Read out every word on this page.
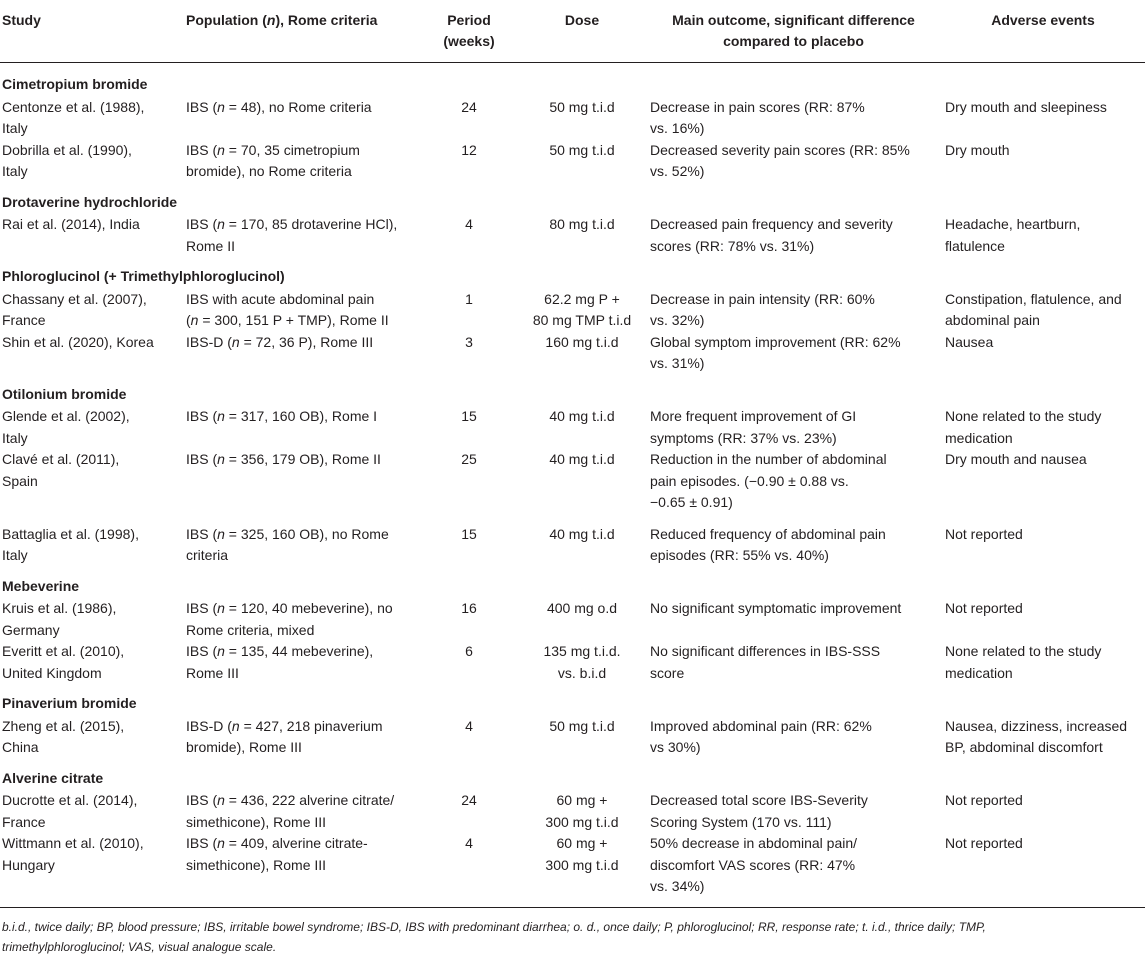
Study	Population (n), Rome criteria	Period
(weeks)	Dose	Main outcome, significant difference
compared to placebo	Adverse events

Cimetropium bromide					

Centonze et al. (1988),
Italy	IBS (n = 48), no Rome criteria	24	50 mg t.i.d	Decrease in pain scores (RR: 87%
vs. 16%)	Dry mouth and sleepiness

Dobrilla et al. (1990),
Italy	IBS (n = 70, 35 cimetropium
bromide), no Rome criteria	12	50 mg t.i.d	Decreased severity pain scores (RR: 85%
vs. 52%)	Dry mouth

Drotaverine hydrochloride					

Rai et al. (2014), India	IBS (n = 170, 85 drotaverine HCl),
Rome II	4	80 mg t.i.d	Decreased pain frequency and severity
scores (RR: 78% vs. 31%)	Headache, heartburn,
flatulence

Phloroglucinol (+ Trimethylphloroglucinol)					

Chassany et al. (2007),
France	IBS with acute abdominal pain
(n = 300, 151 P + TMP), Rome II	1	62.2 mg P +
80 mg TMP t.i.d	Decrease in pain intensity (RR: 60%
vs. 32%)	Constipation, flatulence, and
abdominal pain

Shin et al. (2020), Korea	IBS-D (n = 72, 36 P), Rome III	3	160 mg t.i.d	Global symptom improvement (RR: 62%
vs. 31%)	Nausea

Otilonium bromide					

Glende et al. (2002),
Italy	IBS (n = 317, 160 OB), Rome I	15	40 mg t.i.d	More frequent improvement of GI
symptoms (RR: 37% vs. 23%)	None related to the study
medication

Clavé et al. (2011),
Spain	IBS (n = 356, 179 OB), Rome II	25	40 mg t.i.d	Reduction in the number of abdominal
pain episodes. (−0.90 ± 0.88 vs.
−0.65 ± 0.91)	Dry mouth and nausea

Battaglia et al. (1998),
Italy	IBS (n = 325, 160 OB), no Rome
criteria	15	40 mg t.i.d	Reduced frequency of abdominal pain
episodes (RR: 55% vs. 40%)	Not reported

Mebeverine					

Kruis et al. (1986),
Germany	IBS (n = 120, 40 mebeverine), no
Rome criteria, mixed	16	400 mg o.d	No significant symptomatic improvement	Not reported

Everitt et al. (2010),
United Kingdom	IBS (n = 135, 44 mebeverine),
Rome III	6	135 mg t.i.d.
vs. b.i.d	No significant differences in IBS-SSS
score	None related to the study
medication

Pinaverium bromide					

Zheng et al. (2015),
China	IBS-D (n = 427, 218 pinaverium
bromide), Rome III	4	50 mg t.i.d	Improved abdominal pain (RR: 62%
vs 30%)	Nausea, dizziness, increased
BP, abdominal discomfort

Alverine citrate					

Ducrotte et al. (2014),
France	IBS (n = 436, 222 alverine citrate/
simethicone), Rome III	24	60 mg +
300 mg t.i.d	Decreased total score IBS-Severity
Scoring System (170 vs. 111)	Not reported

Wittmann et al. (2010),
Hungary	IBS (n = 409, alverine citrate-
simethicone), Rome III	4	60 mg +
300 mg t.i.d	50% decrease in abdominal pain/
discomfort VAS scores (RR: 47%
vs. 34%)	Not reported
b.i.d., twice daily; BP, blood pressure; IBS, irritable bowel syndrome; IBS-D, IBS with predominant diarrhea; o. d., once daily; P, phloroglucinol; RR, response rate; t. i.d., thrice daily; TMP,
trimethylphloroglucinol; VAS, visual analogue scale.
